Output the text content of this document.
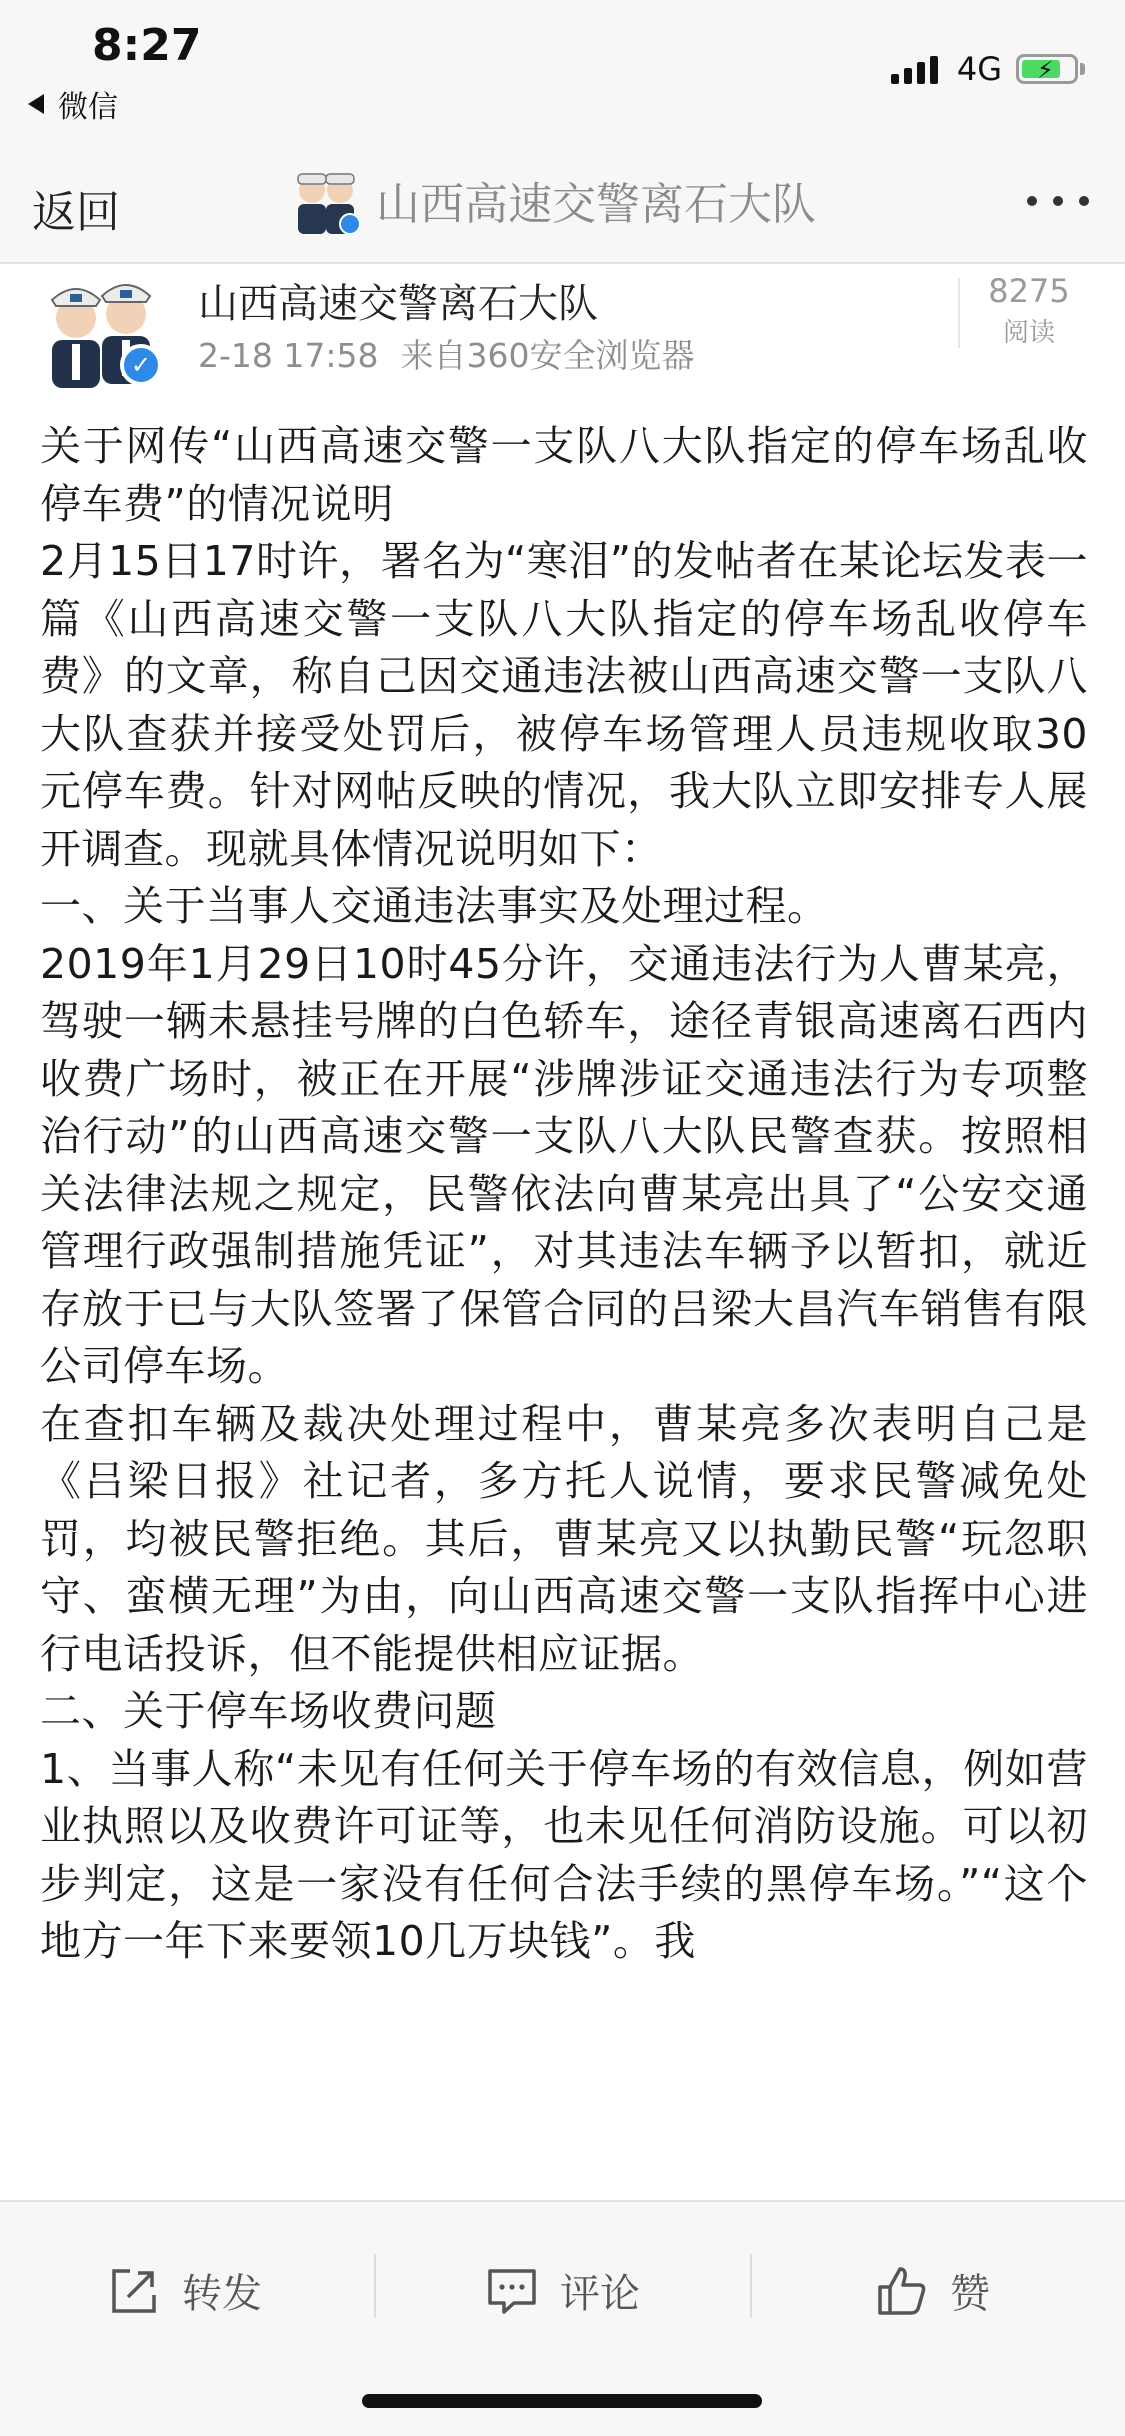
8:27
微信
4G ⚡
返回	山西高速交警离石大队
✓
山西高速交警离石大队
2-18 17:58 来自360安全浏览器
8275
阅读

关于网传“山西高速交警一支队八大队指定的停车场乱收停车费”的情况说明

2月15日17时许，署名为“寒泪”的发帖者在某论坛发表一篇《山西高速交警一支队八大队指定的停车场乱收停车费》的文章，称自己因交通违法被山西高速交警一支队八大队查获并接受处罚后，被停车场管理人员违规收取30元停车费。针对网帖反映的情况，我大队立即安排专人展开调查。现就具体情况说明如下：

一、关于当事人交通违法事实及处理过程。

2019年1月29日10时45分许，交通违法行为人曹某亮，驾驶一辆未悬挂号牌的白色轿车，途径青银高速离石西内收费广场时，被正在开展“涉牌涉证交通违法行为专项整治行动”的山西高速交警一支队八大队民警查获。按照相关法律法规之规定，民警依法向曹某亮出具了“公安交通管理行政强制措施凭证”，对其违法车辆予以暂扣，就近存放于已与大队签署了保管合同的吕梁大昌汽车销售有限公司停车场。

在查扣车辆及裁决处理过程中，曹某亮多次表明自己是《吕梁日报》社记者，多方托人说情，要求民警减免处罚，均被民警拒绝。其后，曹某亮又以执勤民警“玩忽职守、蛮横无理”为由，向山西高速交警一支队指挥中心进行电话投诉，但不能提供相应证据。

二、关于停车场收费问题

1、当事人称“未见有任何关于停车场的有效信息，例如营业执照以及收费许可证等，也未见任何消防设施。可以初步判定，这是一家没有任何合法手续的黑停车场。”“这个地方一年下来要领10几万块钱”。我

转发	评论	赞
